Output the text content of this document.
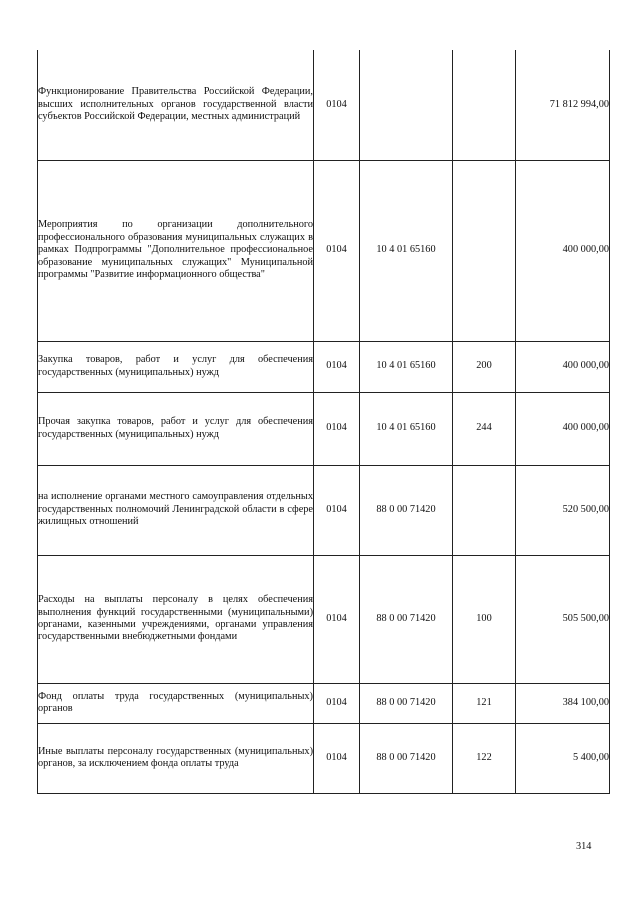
Функционирование Правительства Российской Федерации, высших исполнительных органов государственной власти субъектов Российской Федерации, местных администраций	0104			71 812 994,00
Мероприятия по организации дополнительного профессионального образования муниципальных служащих в рамках Подпрограммы "Дополнительное профессиональное образование муниципальных служащих" Муниципальной программы "Развитие информационного общества"	0104	10 4 01 65160		400 000,00
Закупка товаров, работ и услуг для обеспечения государственных (муниципальных) нужд	0104	10 4 01 65160	200	400 000,00
Прочая закупка товаров, работ и услуг для обеспечения государственных (муниципальных) нужд	0104	10 4 01 65160	244	400 000,00
на исполнение органами местного самоуправления отдельных государственных полномочий Ленинградской области в сфере жилищных отношений	0104	88 0 00 71420		520 500,00
Расходы на выплаты персоналу в целях обеспечения выполнения функций государственными (муниципальными) органами, казенными учреждениями, органами управления государственными внебюджетными фондами	0104	88 0 00 71420	100	505 500,00
Фонд оплаты труда государственных (муниципальных) органов	0104	88 0 00 71420	121	384 100,00
Иные выплаты персоналу государственных (муниципальных) органов, за исключением фонда оплаты труда	0104	88 0 00 71420	122	5 400,00
314
